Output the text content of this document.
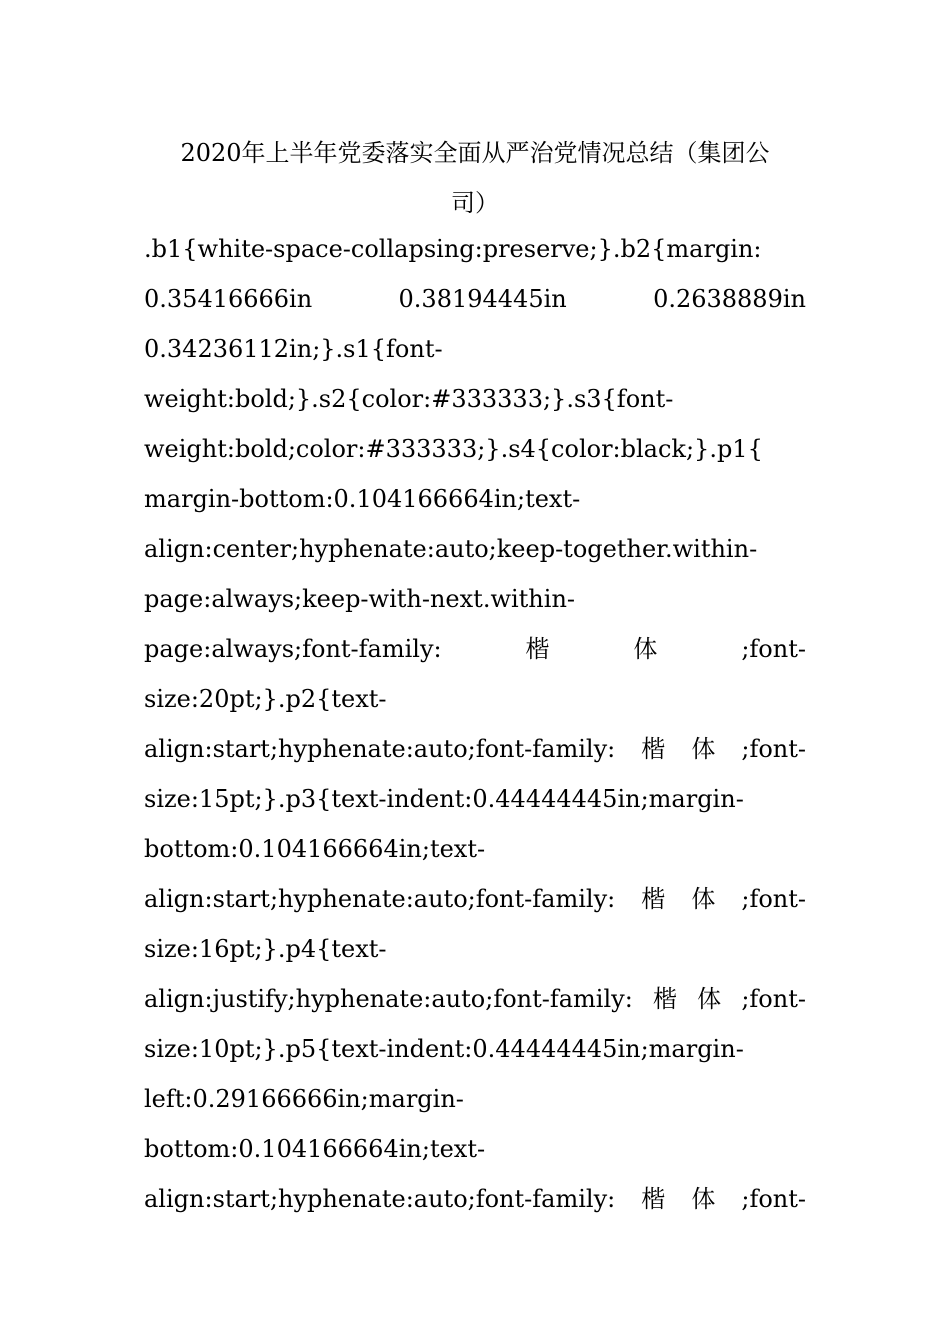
2020年上半年党委落实全面从严治党情况总结（集团公
司）
.b1{white-space-collapsing:preserve;}.b2{margin:
0.35416666in	0.38194445in	0.2638889in
0.34236112in;}.s1{font-
weight:bold;}.s2{color:#333333;}.s3{font-
weight:bold;color:#333333;}.s4{color:black;}.p1{
margin-bottom:0.104166664in;text-
align:center;hyphenate:auto;keep-together.within-
page:always;keep-with-next.within-
page:always;font-family:	楷	体	;font-
size:20pt;}.p2{text-
align:start;hyphenate:auto;font-family: 楷 体 ;font-
size:15pt;}.p3{text-indent:0.44444445in;margin-
bottom:0.104166664in;text-
align:start;hyphenate:auto;font-family: 楷 体 ;font-
size:16pt;}.p4{text-
align:justify;hyphenate:auto;font-family: 楷 体 ;font-
size:10pt;}.p5{text-indent:0.44444445in;margin-
left:0.29166666in;margin-
bottom:0.104166664in;text-
align:start;hyphenate:auto;font-family: 楷 体 ;font-
